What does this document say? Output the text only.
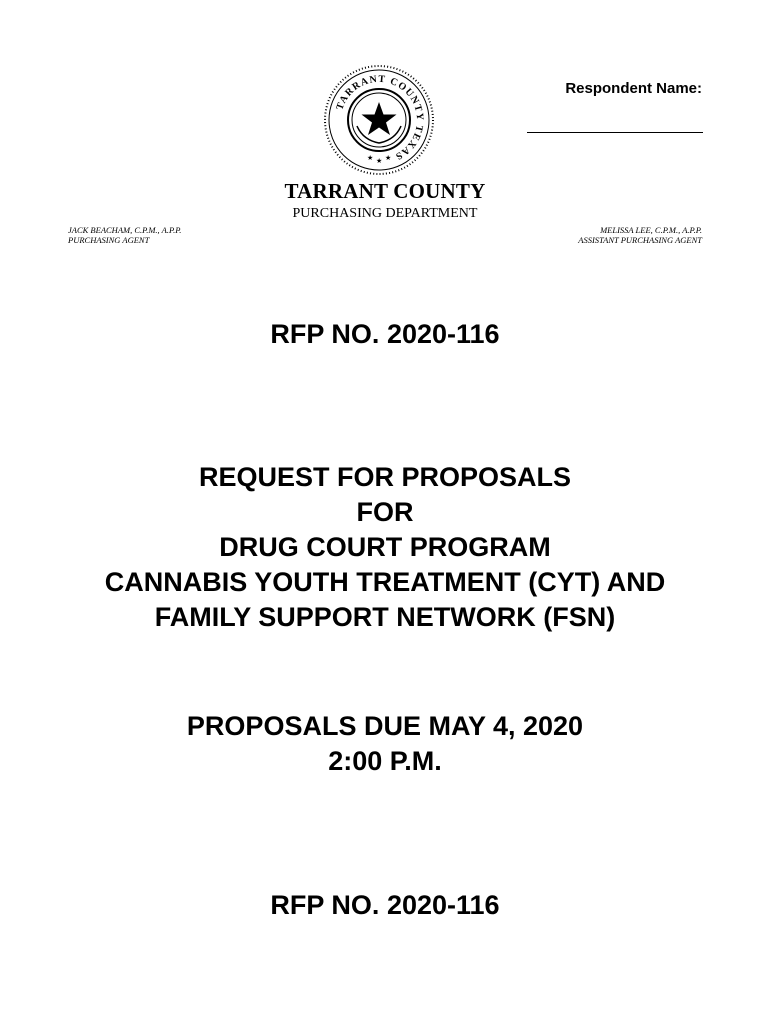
TARRANT COUNTY TEXAS
★ ★ ★
Respondent Name:
TARRANT COUNTY
PURCHASING DEPARTMENT
JACK BEACHAM, C.P.M., A.P.P.
PURCHASING AGENT
MELISSA LEE, C.P.M., A.P.P.
ASSISTANT PURCHASING AGENT
RFP NO. 2020-116
REQUEST FOR PROPOSALS
FOR
DRUG COURT PROGRAM
CANNABIS YOUTH TREATMENT (CYT) AND
FAMILY SUPPORT NETWORK (FSN)
PROPOSALS DUE MAY 4, 2020
2:00 P.M.
RFP NO. 2020-116
